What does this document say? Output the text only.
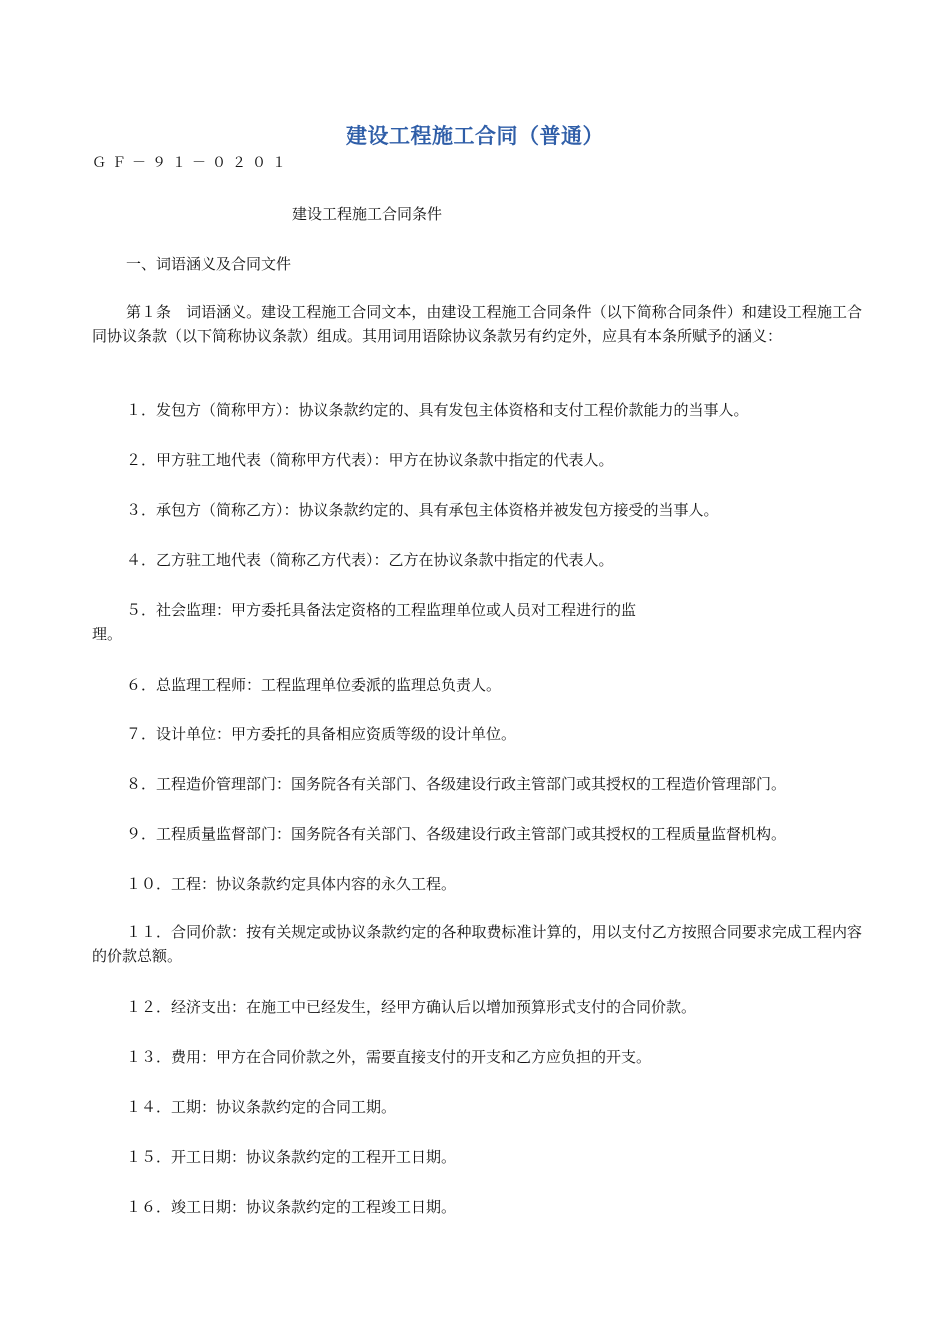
建设工程施工合同（普通）
ＧＦ－９１－０２０１
建设工程施工合同条件
一、词语涵义及合同文件
第１条　词语涵义。建设工程施工合同文本，由建设工程施工合同条件（以下简称合同条件）和建设工程施工合同协议条款（以下简称协议条款）组成。其用词用语除协议条款另有约定外，应具有本条所赋予的涵义：
１．发包方（简称甲方）：协议条款约定的、具有发包主体资格和支付工程价款能力的当事人。
２．甲方驻工地代表（简称甲方代表）：甲方在协议条款中指定的代表人。
３．承包方（简称乙方）：协议条款约定的、具有承包主体资格并被发包方接受的当事人。
４．乙方驻工地代表（简称乙方代表）：乙方在协议条款中指定的代表人。
５．社会监理：甲方委托具备法定资格的工程监理单位或人员对工程进行的监
理。
６．总监理工程师：工程监理单位委派的监理总负责人。
７．设计单位：甲方委托的具备相应资质等级的设计单位。
８．工程造价管理部门：国务院各有关部门、各级建设行政主管部门或其授权的工程造价管理部门。
９．工程质量监督部门：国务院各有关部门、各级建设行政主管部门或其授权的工程质量监督机构。
１０．工程：协议条款约定具体内容的永久工程。
１１．合同价款：按有关规定或协议条款约定的各种取费标准计算的，用以支付乙方按照合同要求完成工程内容的价款总额。
１２．经济支出：在施工中已经发生，经甲方确认后以增加预算形式支付的合同价款。
１３．费用：甲方在合同价款之外，需要直接支付的开支和乙方应负担的开支。
１４．工期：协议条款约定的合同工期。
１５．开工日期：协议条款约定的工程开工日期。
１６．竣工日期：协议条款约定的工程竣工日期。
